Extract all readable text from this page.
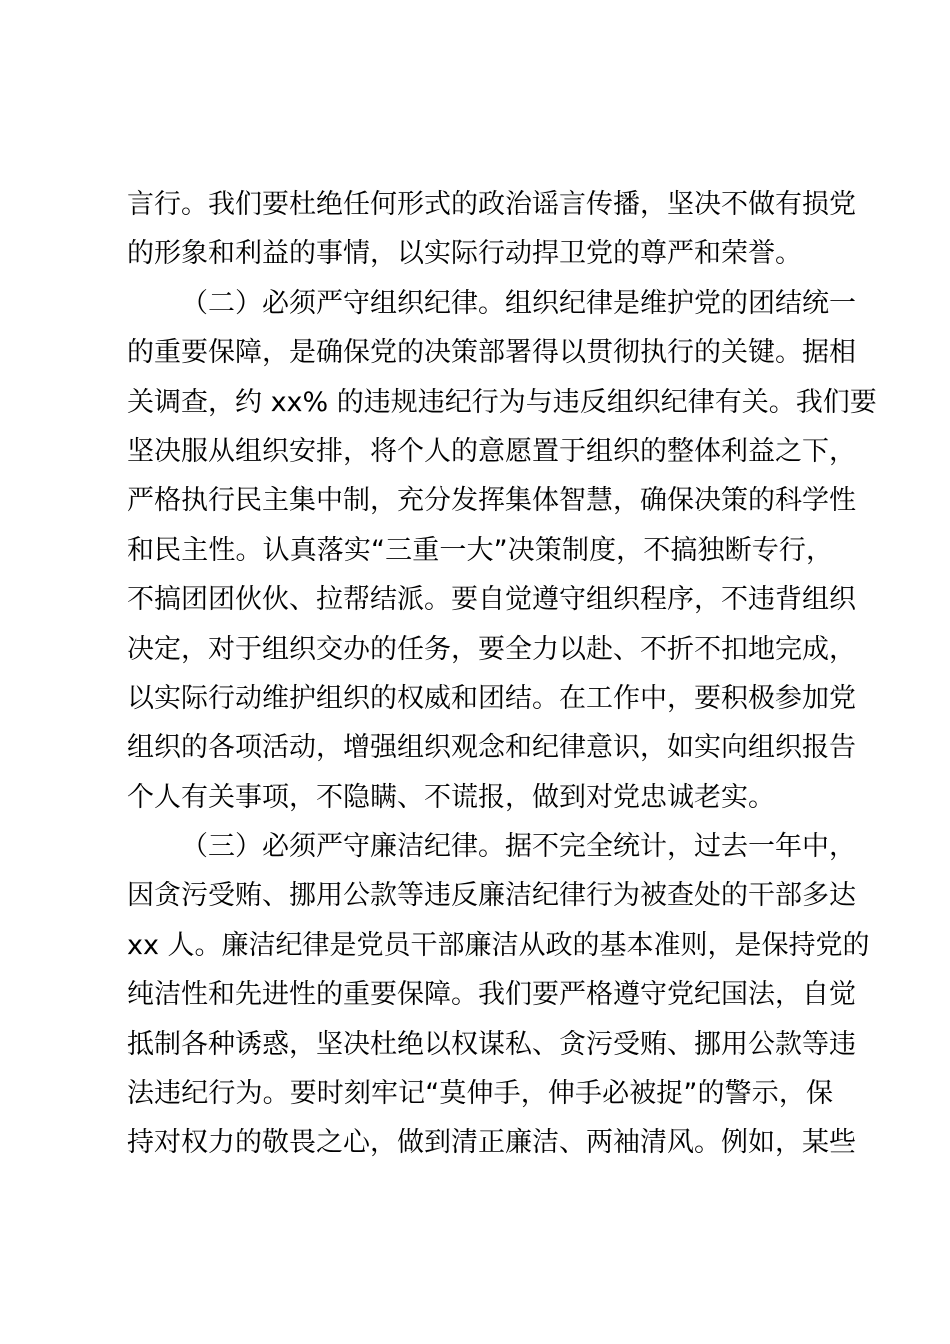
言行。我们要杜绝任何形式的政治谣言传播，坚决不做有损党
的形象和利益的事情，以实际行动捍卫党的尊严和荣誉。
（二）必须严守组织纪律。组织纪律是维护党的团结统一
的重要保障，是确保党的决策部署得以贯彻执行的关键。据相
关调查，约 xx% 的违规违纪行为与违反组织纪律有关。我们要
坚决服从组织安排，将个人的意愿置于组织的整体利益之下，
严格执行民主集中制，充分发挥集体智慧，确保决策的科学性
和民主性。认真落实“三重一大”决策制度，不搞独断专行，
不搞团团伙伙、拉帮结派。要自觉遵守组织程序，不违背组织
决定，对于组织交办的任务，要全力以赴、不折不扣地完成，
以实际行动维护组织的权威和团结。在工作中，要积极参加党
组织的各项活动，增强组织观念和纪律意识，如实向组织报告
个人有关事项，不隐瞒、不谎报，做到对党忠诚老实。
（三）必须严守廉洁纪律。据不完全统计，过去一年中，
因贪污受贿、挪用公款等违反廉洁纪律行为被查处的干部多达
xx 人。廉洁纪律是党员干部廉洁从政的基本准则，是保持党的
纯洁性和先进性的重要保障。我们要严格遵守党纪国法，自觉
抵制各种诱惑，坚决杜绝以权谋私、贪污受贿、挪用公款等违
法违纪行为。要时刻牢记“莫伸手，伸手必被捉”的警示，保
持对权力的敬畏之心，做到清正廉洁、两袖清风。例如，某些
